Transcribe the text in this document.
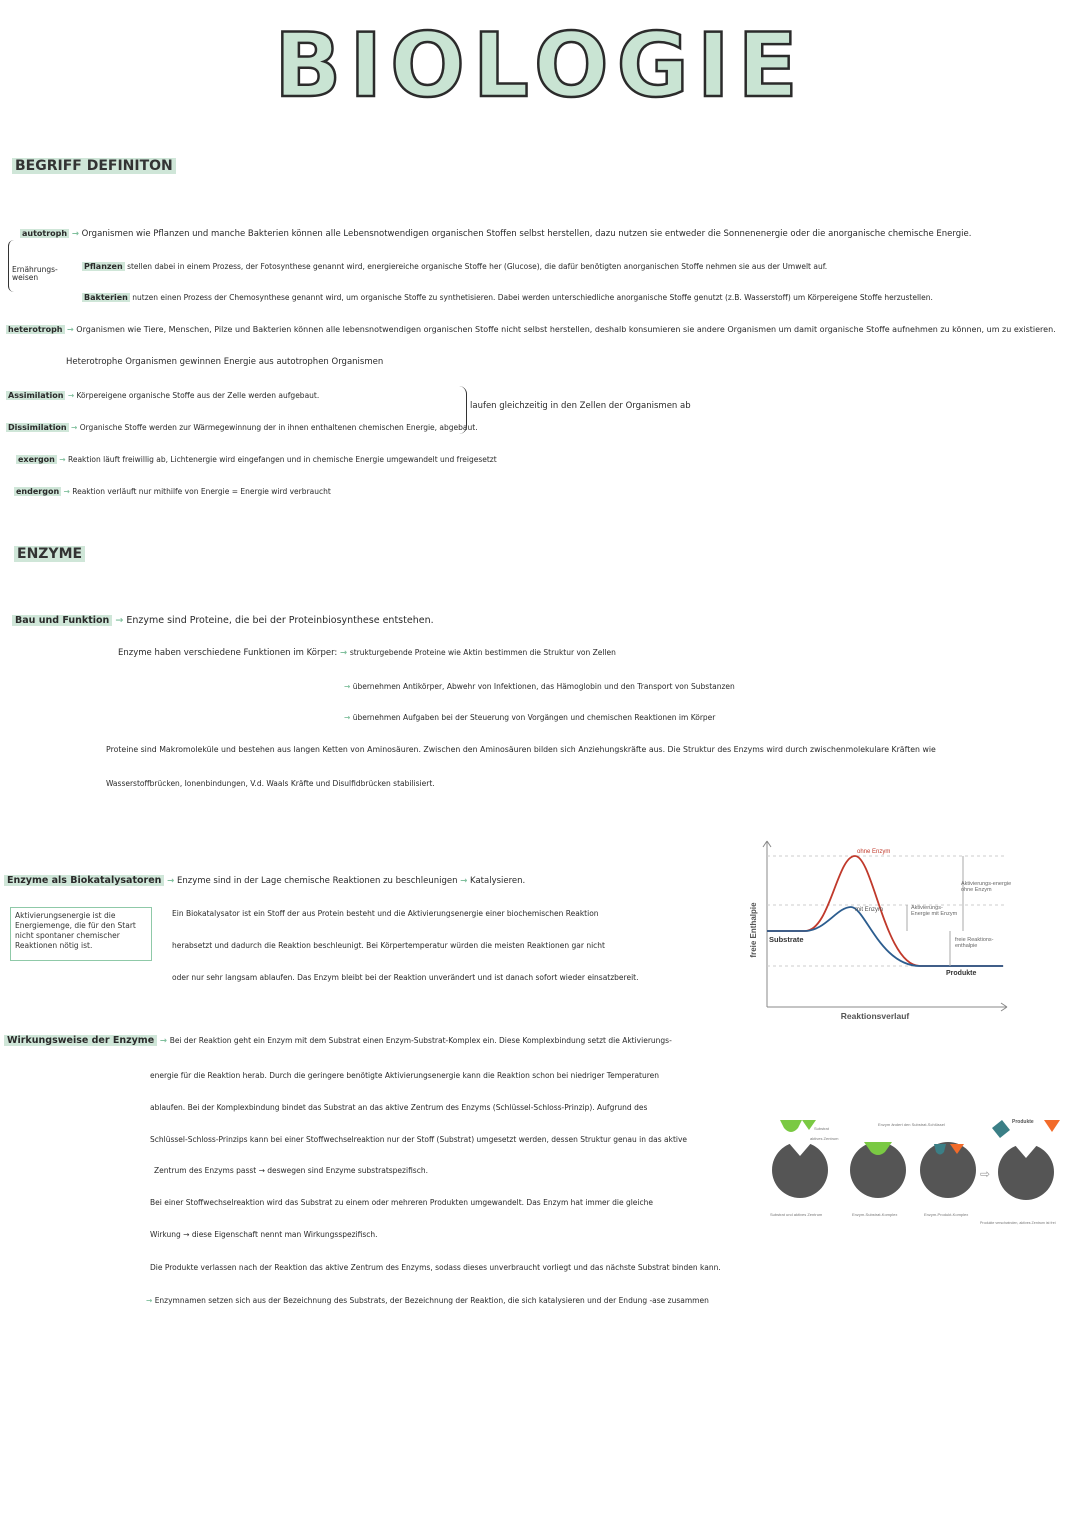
BIOLOGIE
BEGRIFF DEFINITON
Ernährungs- weisen
autotroph → Organismen wie Pflanzen und manche Bakterien können alle Lebensnotwendigen organischen Stoffen selbst herstellen, dazu nutzen sie entweder die Sonnenenergie oder die anorganische chemische Energie.
Pflanzen stellen dabei in einem Prozess, der Fotosynthese genannt wird, energiereiche organische Stoffe her (Glucose), die dafür benötigten anorganischen Stoffe nehmen sie aus der Umwelt auf.
Bakterien nutzen einen Prozess der Chemosynthese genannt wird, um organische Stoffe zu synthetisieren. Dabei werden unterschiedliche anorganische Stoffe genutzt (z.B. Wasserstoff) um Körpereigene Stoffe herzustellen.
heterotroph → Organismen wie Tiere, Menschen, Pilze und Bakterien können alle lebensnotwendigen organischen Stoffe nicht selbst herstellen, deshalb konsumieren sie andere Organismen um damit organische Stoffe aufnehmen zu können, um zu existieren.
Heterotrophe Organismen gewinnen Energie aus autotrophen Organismen
Assimilation → Körpereigene organische Stoffe aus der Zelle werden aufgebaut.
Dissimilation → Organische Stoffe werden zur Wärmegewinnung der in ihnen enthaltenen chemischen Energie, abgebaut.
laufen gleichzeitig in den Zellen der Organismen ab
exergon → Reaktion läuft freiwillig ab, Lichtenergie wird eingefangen und in chemische Energie umgewandelt und freigesetzt
endergon → Reaktion verläuft nur mithilfe von Energie = Energie wird verbraucht
ENZYME
Bau und Funktion → Enzyme sind Proteine, die bei der Proteinbiosynthese entstehen.
Enzyme haben verschiedene Funktionen im Körper: → strukturgebende Proteine wie Aktin bestimmen die Struktur von Zellen
→ übernehmen Antikörper, Abwehr von Infektionen, das Hämoglobin und den Transport von Substanzen
→ übernehmen Aufgaben bei der Steuerung von Vorgängen und chemischen Reaktionen im Körper
Proteine sind Makromoleküle und bestehen aus langen Ketten von Aminosäuren. Zwischen den Aminosäuren bilden sich Anziehungskräfte aus. Die Struktur des Enzyms wird durch zwischenmolekulare Kräften wie
Wasserstoffbrücken, Ionenbindungen, V.d. Waals Kräfte und Disulfidbrücken stabilisiert.
Enzyme als Biokatalysatoren → Enzyme sind in der Lage chemische Reaktionen zu beschleunigen → Katalysieren.
Aktivierungsenergie ist die Energiemenge, die für den Start nicht spontaner chemischer Reaktionen nötig ist.
Ein Biokatalysator ist ein Stoff der aus Protein besteht und die Aktivierungsenergie einer biochemischen Reaktion
herabsetzt und dadurch die Reaktion beschleunigt. Bei Körpertemperatur würden die meisten Reaktionen gar nicht
oder nur sehr langsam ablaufen. Das Enzym bleibt bei der Reaktion unverändert und ist danach sofort wieder einsatzbereit.
freie Enthalpie
Reaktionsverlauf
ohne Enzym
mit Enzym
Substrate
Produkte
Aktivierungs-energie ohne Enzym
Aktivierungs-Energie mit Enzym
freie Reaktions-enthalpie
Wirkungsweise der Enzyme → Bei der Reaktion geht ein Enzym mit dem Substrat einen Enzym-Substrat-Komplex ein. Diese Komplexbindung setzt die Aktivierungs-
energie für die Reaktion herab. Durch die geringere benötigte Aktivierungsenergie kann die Reaktion schon bei niedriger Temperaturen
ablaufen. Bei der Komplexbindung bindet das Substrat an das aktive Zentrum des Enzyms (Schlüssel-Schloss-Prinzip). Aufgrund des
Schlüssel-Schloss-Prinzips kann bei einer Stoffwechselreaktion nur der Stoff (Substrat) umgesetzt werden, dessen Struktur genau in das aktive
Zentrum des Enzyms passt → deswegen sind Enzyme substratspezifisch.
Bei einer Stoffwechselreaktion wird das Substrat zu einem oder mehreren Produkten umgewandelt. Das Enzym hat immer die gleiche
Wirkung → diese Eigenschaft nennt man Wirkungsspezifisch.
Die Produkte verlassen nach der Reaktion das aktive Zentrum des Enzyms, sodass dieses unverbraucht vorliegt und das nächste Substrat binden kann.
→ Enzymnamen setzen sich aus der Bezeichnung des Substrats, der Bezeichnung der Reaktion, die sich katalysieren und der Endung -ase zusammen
⇨
Substrat
aktives Zentrum
Enzym ändert den Substrat-Schlüssel	Produkte
Substrat und aktives Zentrum	Enzym-Substrat-Komplex	Enzym-Produkt-Komplex
Produkte verschwinden, aktives Zentrum ist frei
